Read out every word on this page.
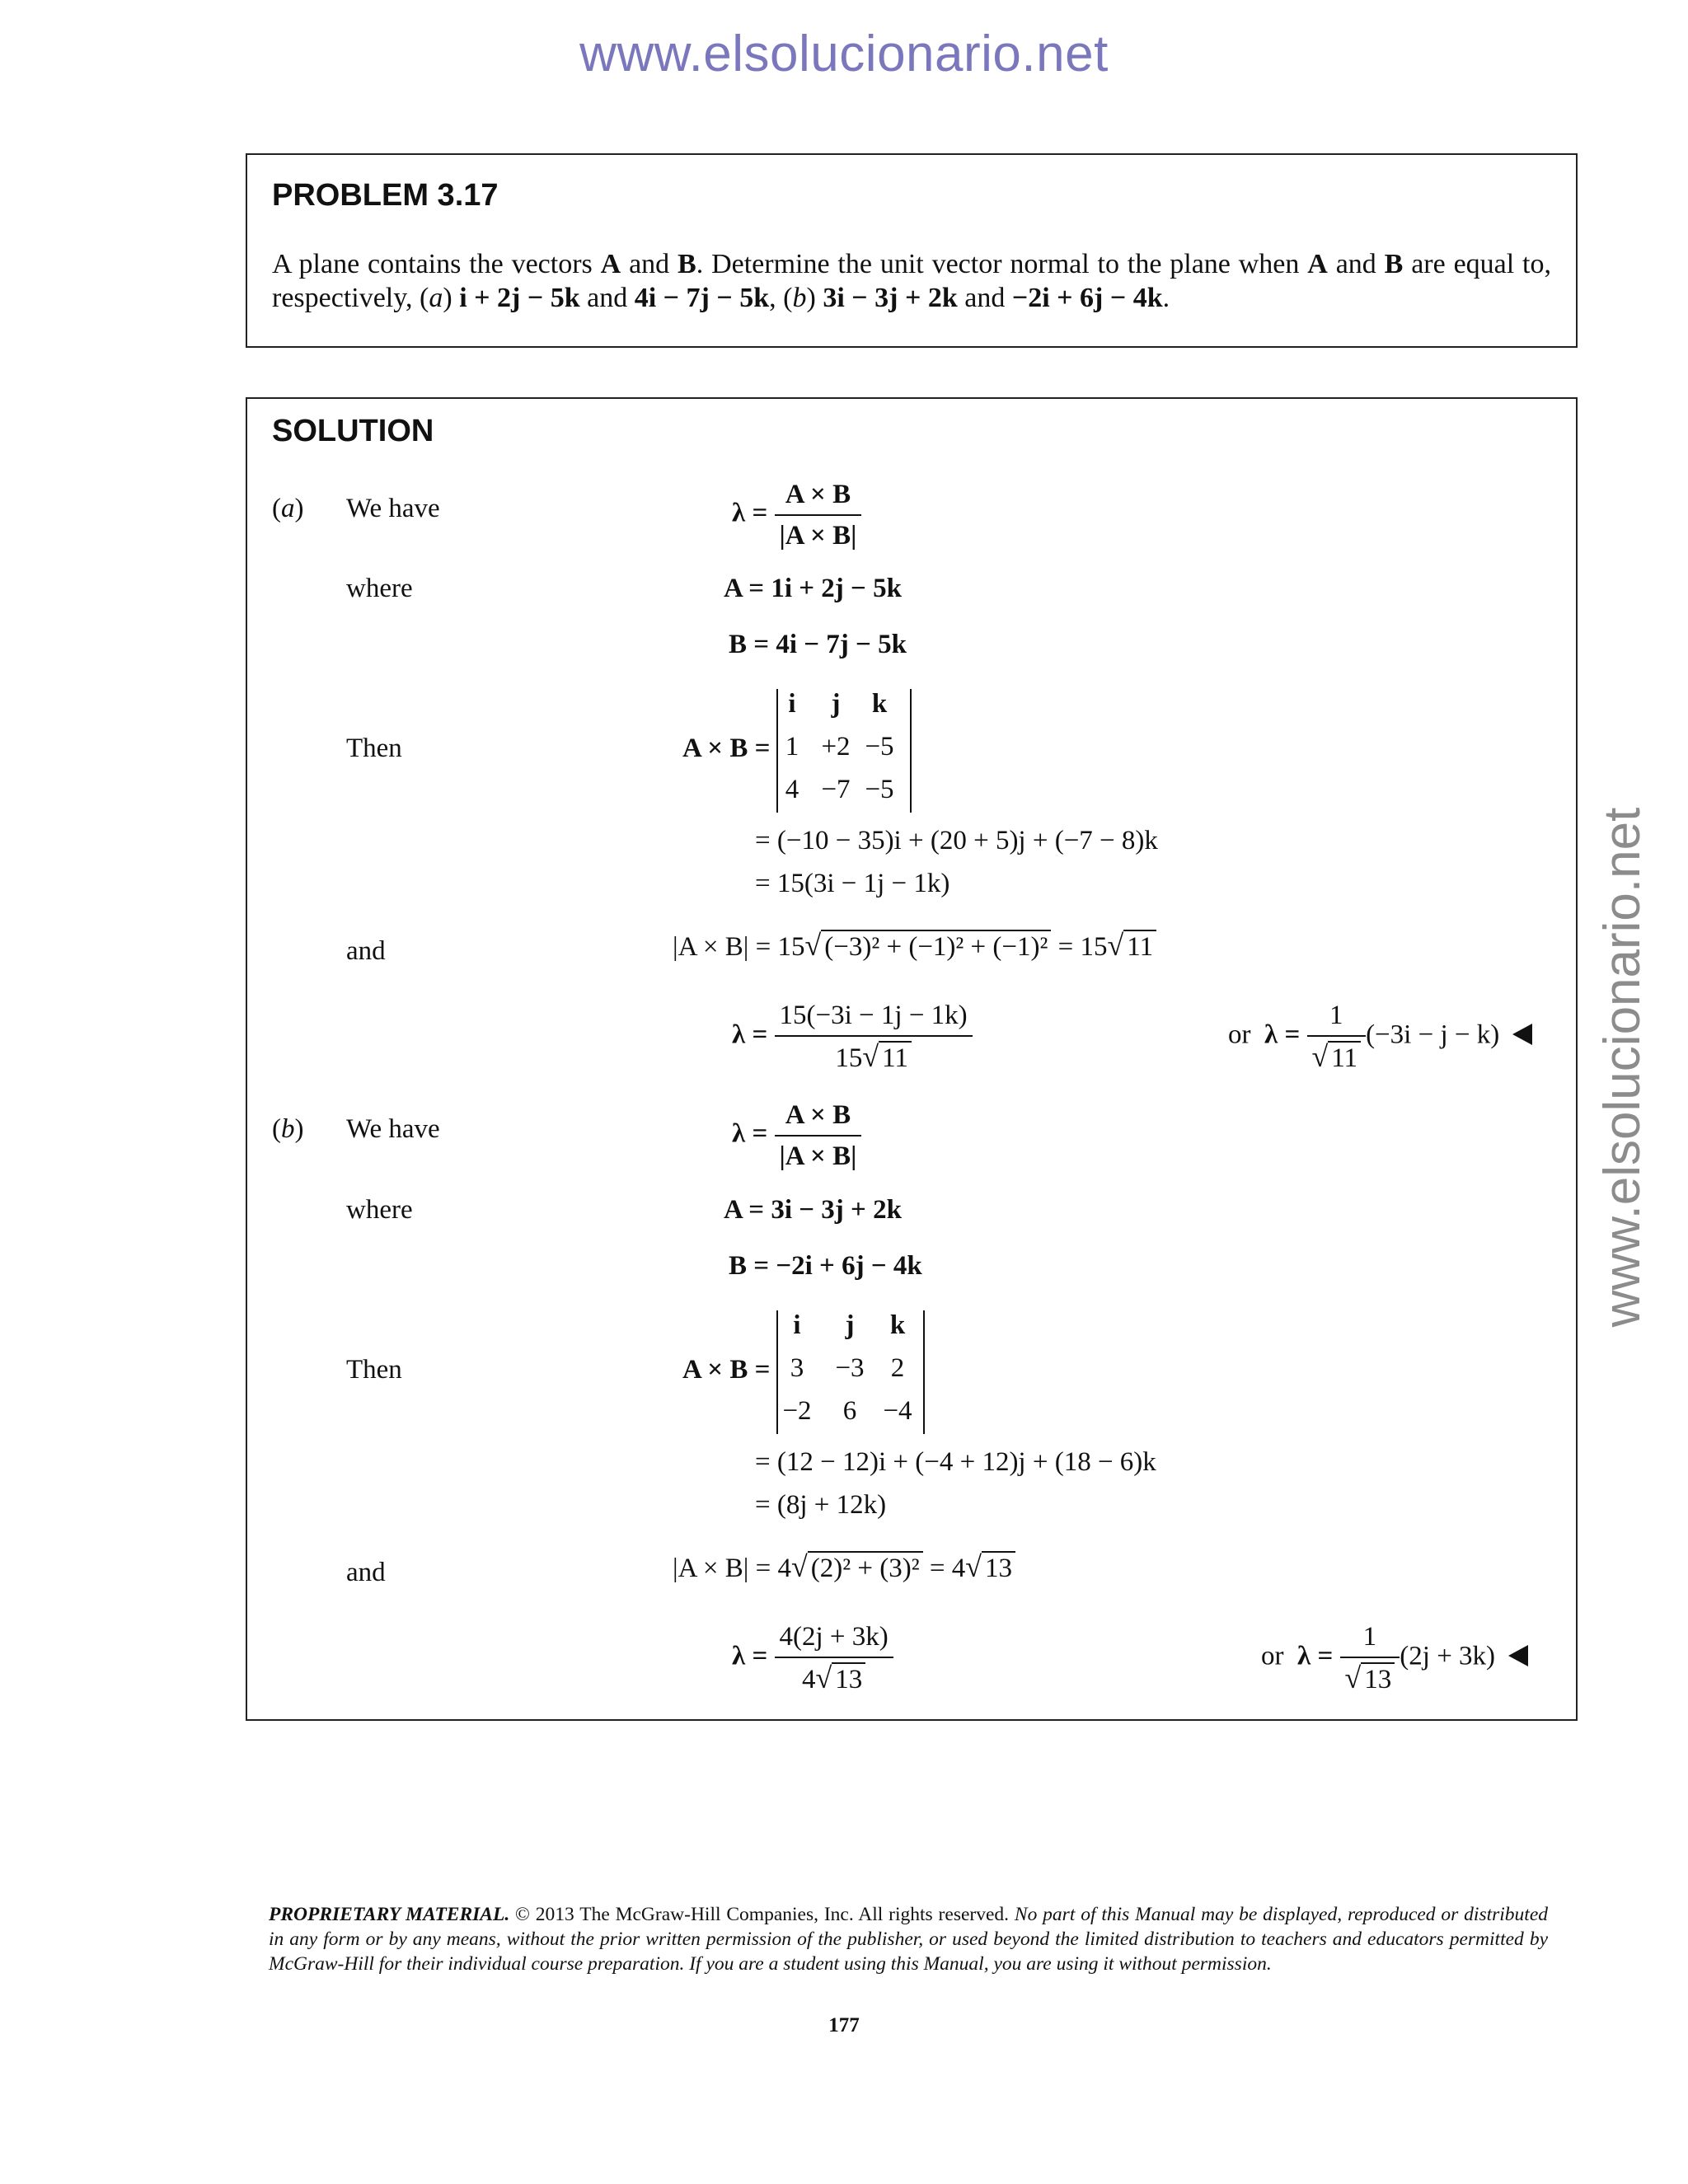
www.elsolucionario.net
www.elsolucionario.net
PROBLEM 3.17
A plane contains the vectors A and B. Determine the unit vector normal to the plane when A and B are equal to, respectively, (a) i + 2j − 5k and 4i − 7j − 5k, (b) 3i − 3j + 2k and −2i + 6j − 4k.
SOLUTION
(a) We have	$\lambda = \frac{A \times B}{|A \times B|}$
where	A = 1i + 2j − 5k
B = 4i − 7j − 5k
Then	A × B =
i	j	k
1 +2 −5
4 −7 −5
= (−10 − 35)i + (20 + 5)j + (−7 − 8)k
= 15(3i − 1j − 1k)
and	|A × B| = 15√ (−3)² + (−1)² + (−1)² = 15√ 11
$\lambda = \frac{15(-3i - 1j - 1k)}{15√ 11}$	or $\lambda = \frac{1}{√ 11} (-3i - j - k)$
(b) We have	$\lambda = \frac{A \times B}{|A \times B|}$
where	A = 3i − 3j + 2k
B = −2i + 6j − 4k
Then	A × B =
i	j	k
3	−3 2
−2	6 −4
= (12 − 12)i + (−4 + 12)j + (18 − 6)k
= (8j + 12k)
and	|A × B| = 4√ (2)² + (3)² = 4√ 13
$\lambda = \frac{4(2j + 3k)}{4√ 13}$	or $\lambda = \frac{1}{√ 13} (2j + 3k)$
PROPRIETARY MATERIAL. © 2013 The McGraw-Hill Companies, Inc. All rights reserved. No part of this Manual may be displayed, reproduced or distributed in any form or by any means, without the prior written permission of the publisher, or used beyond the limited distribution to teachers and educators permitted by McGraw-Hill for their individual course preparation. If you are a student using this Manual, you are using it without permission.
177
